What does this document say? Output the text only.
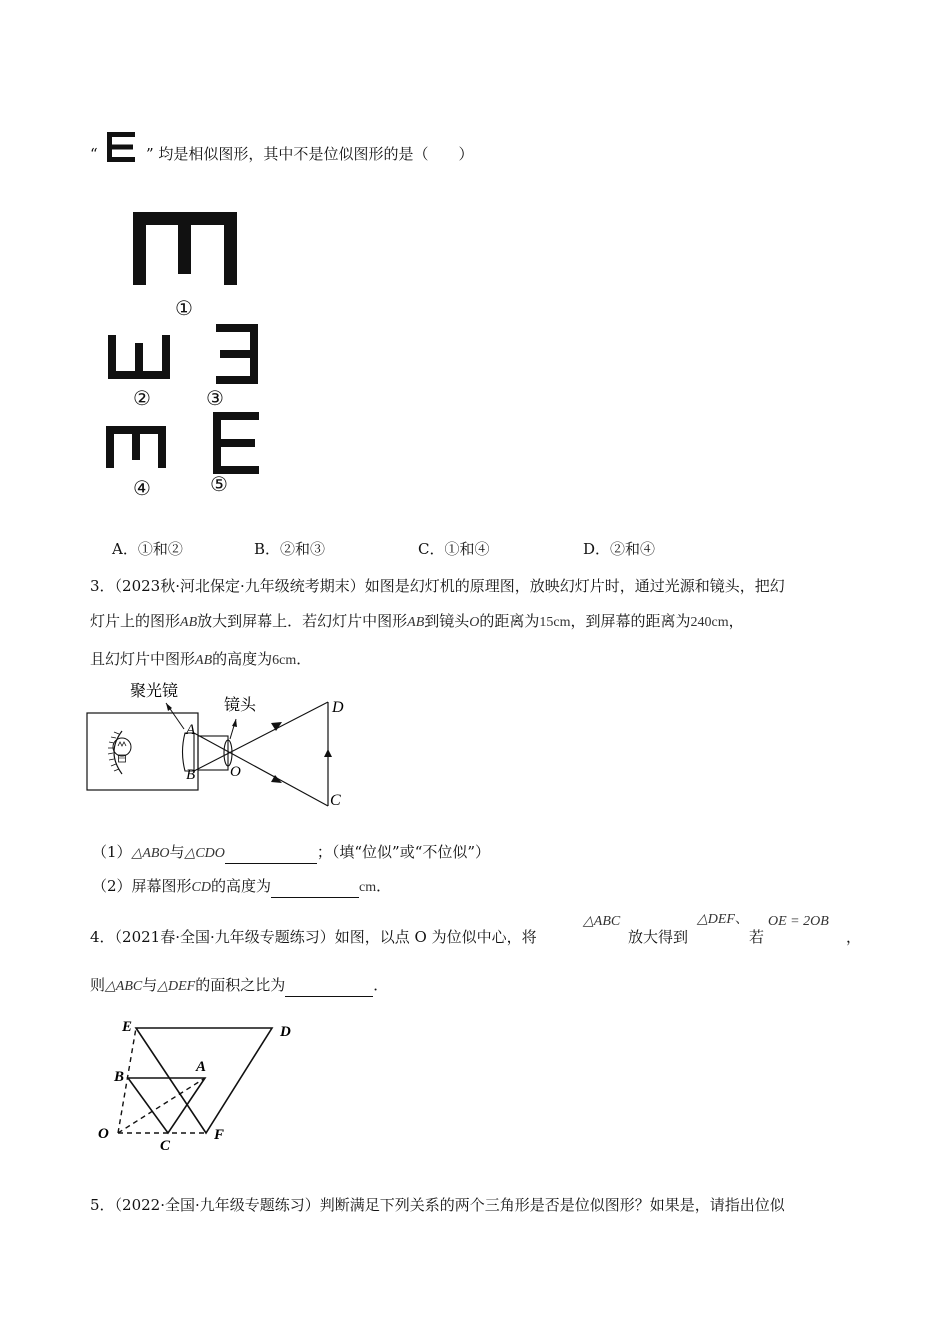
“	” 均是相似图形，其中不是位似图形的是（　　）
①
②	③
④	⑤
A．①和②	B．②和③	C．①和④	D．②和④
3．（2023秋·河北保定·九年级统考期末）如图是幻灯机的原理图，放映幻灯片时，通过光源和镜头，把幻
灯片上的图形AB放大到屏幕上．若幻灯片中图形AB到镜头O的距离为15cm，到屏幕的距离为240cm，
且幻灯片中图形AB的高度为6cm．
聚光镜
镜头
A
B O
D
C
（1）△ABO与△CDO	；（填“位似”或“不位似”）
（2）屏幕图形CD的高度为	cm．
4．（2021春·全国·九年级专题练习）如图，以点 O 为位似中心，将
△ABC
放大得到
△DEF、
若
OE = 2OB
，
则△ABC与△DEF的面积之比为	．
E	D
B
A
O
C
F
5．（2022·全国·九年级专题练习）判断满足下列关系的两个三角形是否是位似图形？如果是，请指出位似
